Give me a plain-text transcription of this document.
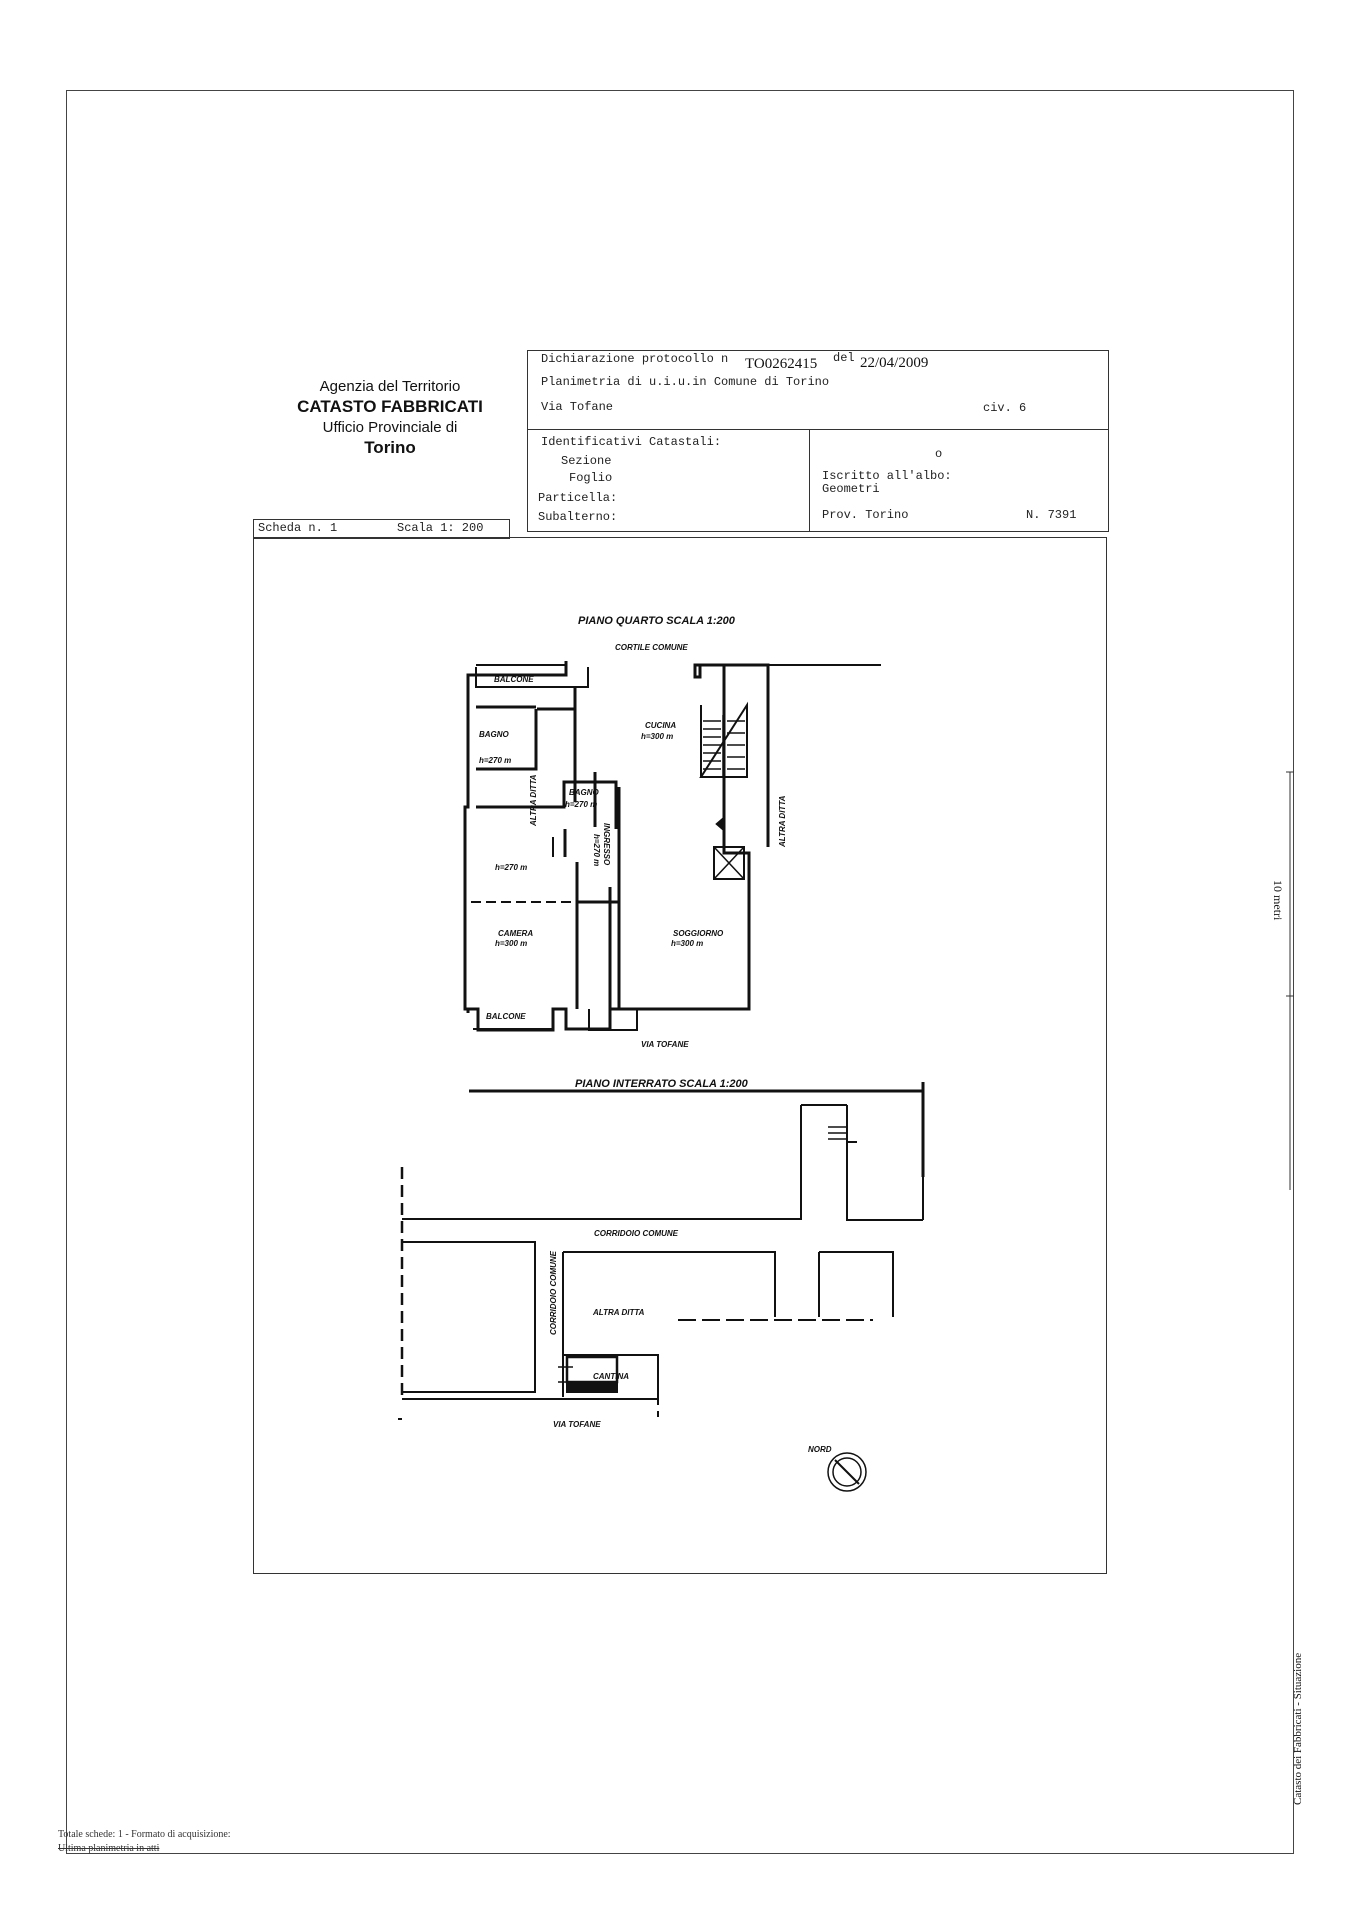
Agenzia del Territorio
CATASTO FABBRICATI
Ufficio Provinciale di
Torino
Dichiarazione protocollo n TO0262415 del 22/04/2009
Planimetria di u.i.u.in Comune di Torino
Via Tofane	civ. 6
Identificativi Catastali:
Sezione
Foglio
Particella:
Subalterno:
o
Iscritto all'albo:
Geometri
Prov. Torino	N. 7391
Scheda n. 1	Scala 1: 200
PIANO QUARTO SCALA 1:200
CORTILE COMUNE
BALCONE
BAGNO
h=270 m
CUCINA
h=300 m
BAGNO
h=270 m
INGRESSO
h=270 m
h=270 m
CAMERA
h=300 m
SOGGIORNO
h=300 m
BALCONE
VIA TOFANE
ALTRA DITTA	ALTRA DITTA
PIANO INTERRATO SCALA 1:200
CORRIDOIO COMUNE
CORRIDOIO COMUNE	ALTRA DITTA
CANTINA
VIA TOFANE
NORD
10 metri
Catasto dei Fabbricati - Situazione
Totale schede: 1 - Formato di acquisizione:
Ultima planimetria in atti
